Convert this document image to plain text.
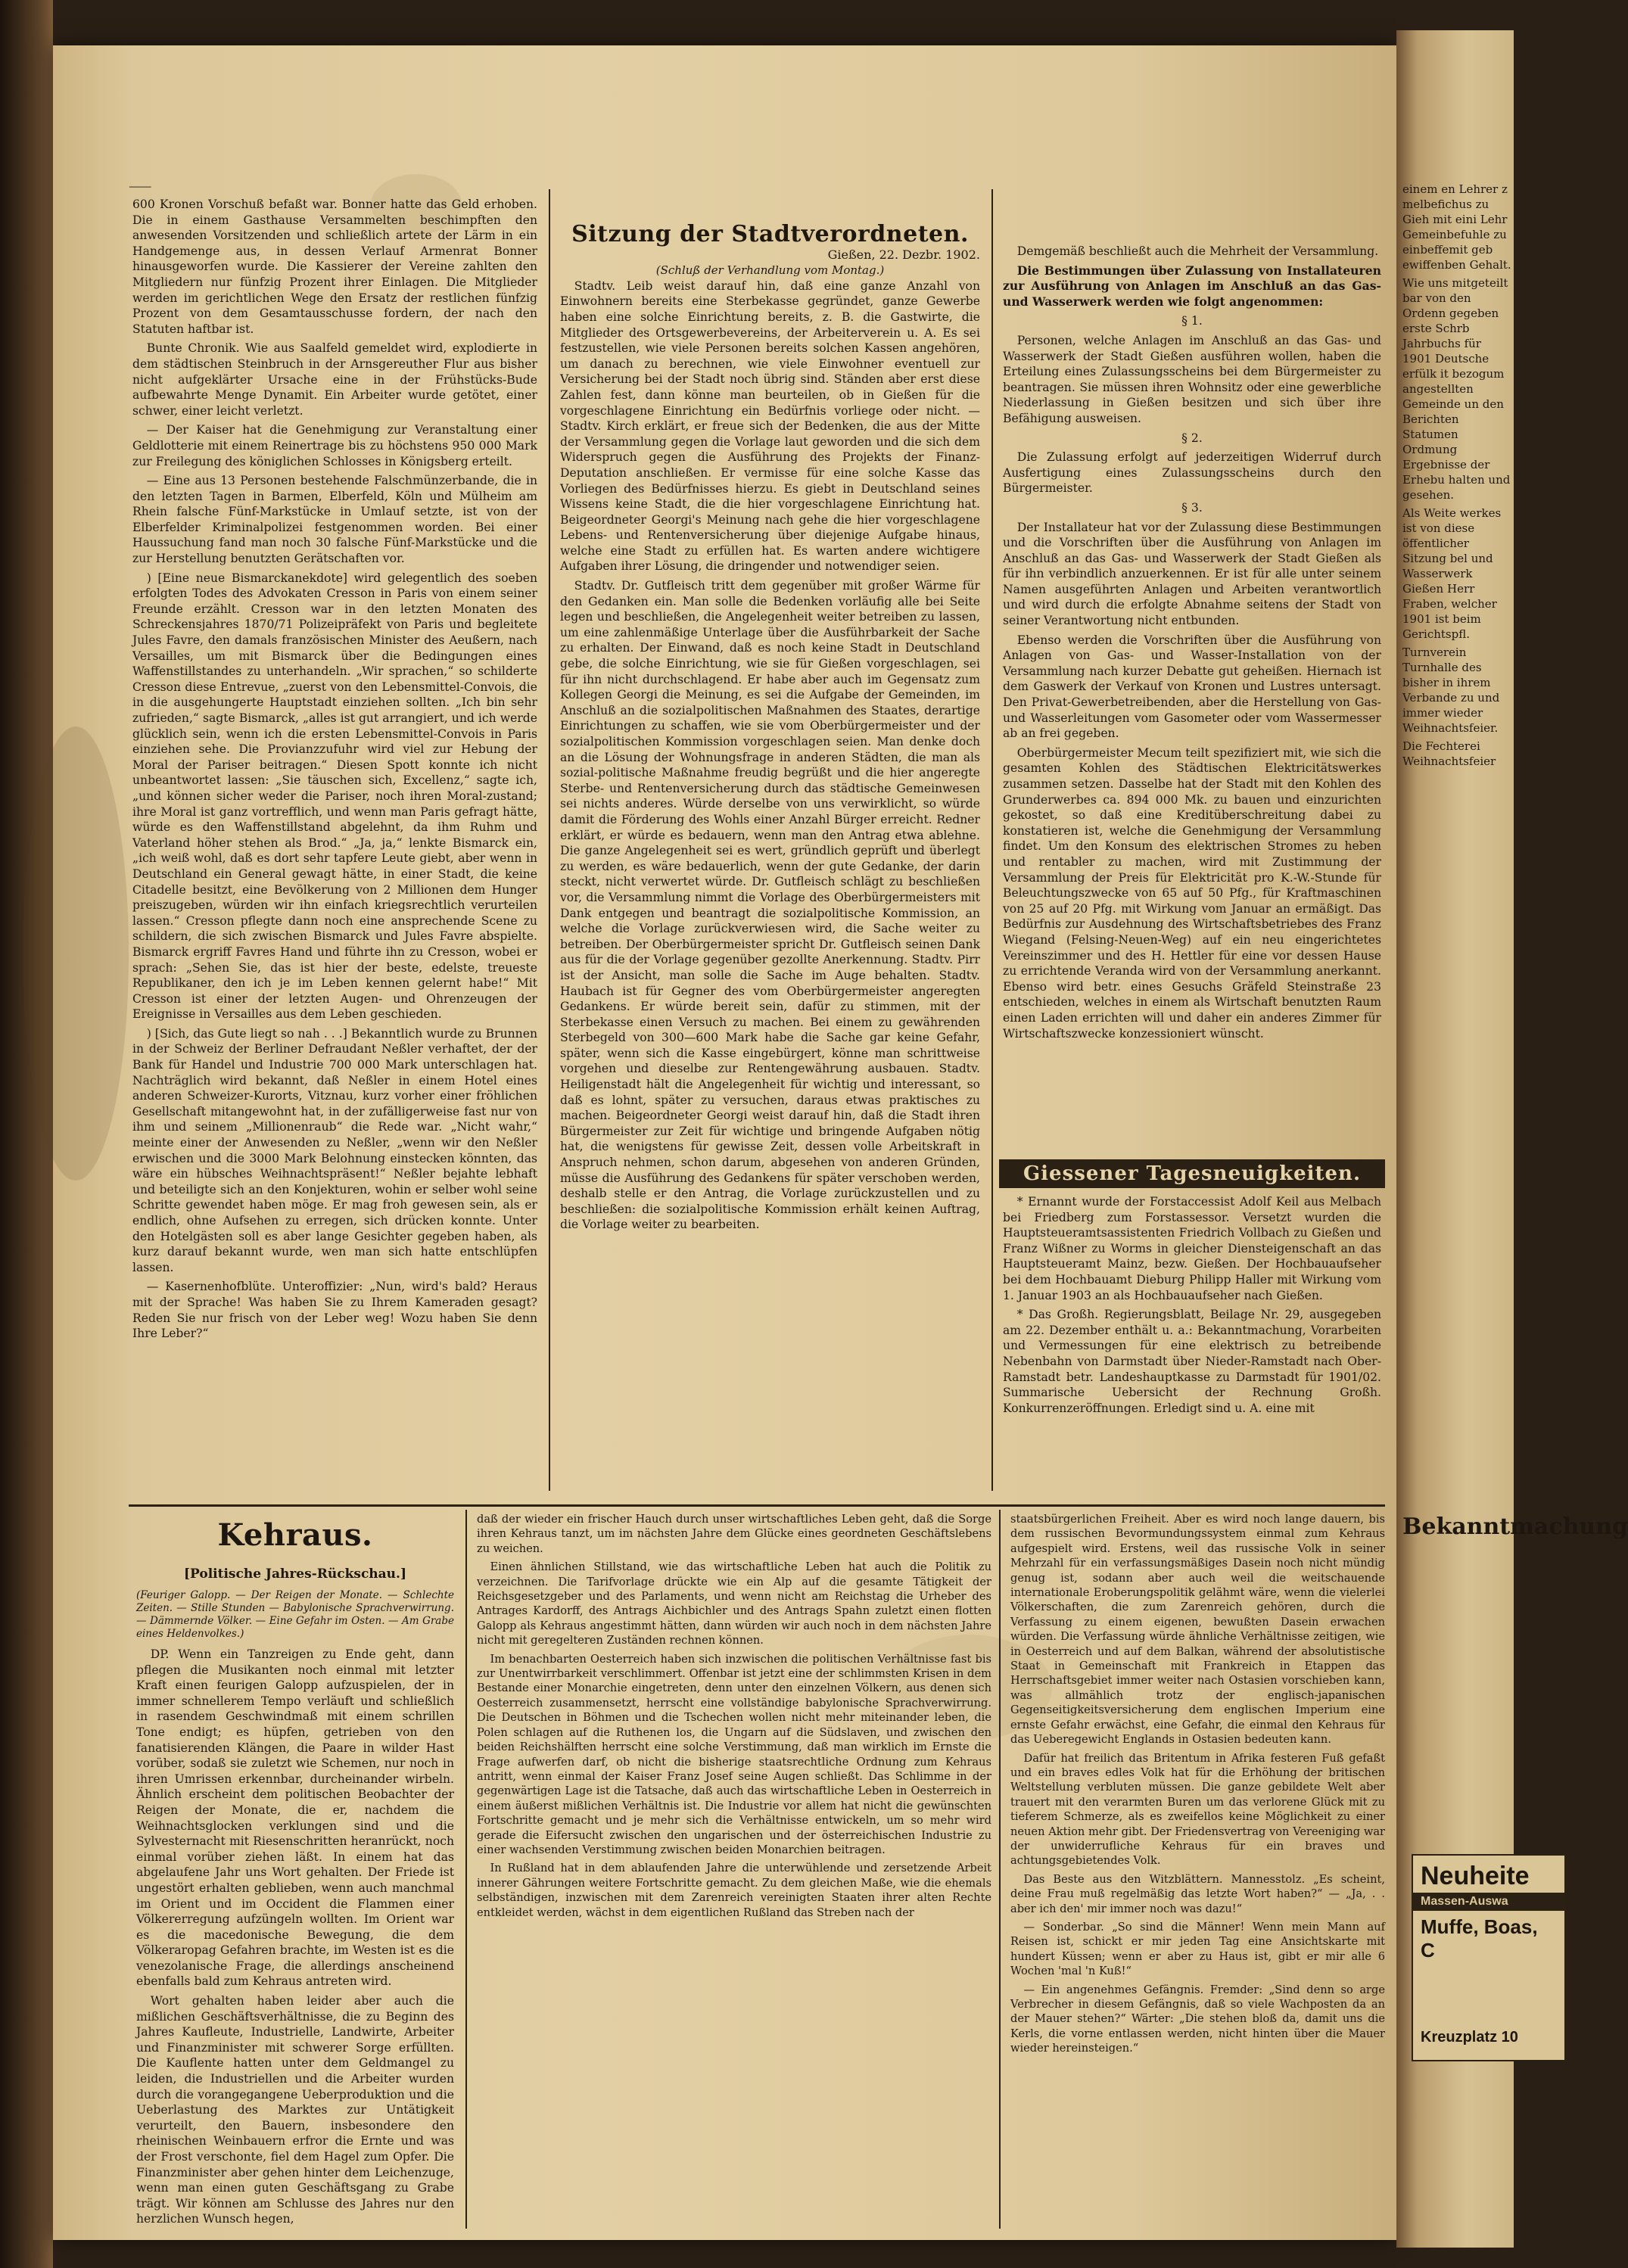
⸺

600 Kronen Vorschuß befaßt war. Bonner hatte das Geld erhoben. Die in einem Gasthause Versammelten beschimpften den anwesenden Vorsitzenden und schließlich artete der Lärm in ein Handgemenge aus, in dessen Verlauf Armenrat Bonner hinausgeworfen wurde. Die Kassierer der Vereine zahlten den Mitgliedern nur fünfzig Prozent ihrer Einlagen. Die Mitglieder werden im gerichtlichen Wege den Ersatz der restlichen fünfzig Prozent von dem Gesamtausschusse fordern, der nach den Statuten haftbar ist.

Bunte Chronik. Wie aus Saalfeld gemeldet wird, explodierte in dem städtischen Steinbruch in der Arnsgereuther Flur aus bisher nicht aufgeklärter Ursache eine in der Frühstücks-Bude aufbewahrte Menge Dynamit. Ein Arbeiter wurde getötet, einer schwer, einer leicht verletzt.

— Der Kaiser hat die Genehmigung zur Veranstaltung einer Geldlotterie mit einem Reinertrage bis zu höchstens 950 000 Mark zur Freilegung des königlichen Schlosses in Königsberg erteilt.

— Eine aus 13 Personen bestehende Falschmünzerbande, die in den letzten Tagen in Barmen, Elberfeld, Köln und Mülheim am Rhein falsche Fünf-Markstücke in Umlauf setzte, ist von der Elberfelder Kriminalpolizei festgenommen worden. Bei einer Haussuchung fand man noch 30 falsche Fünf-Markstücke und die zur Herstellung benutzten Gerätschaften vor.

) [Eine neue Bismarckanekdote] wird gelegentlich des soeben erfolgten Todes des Advokaten Cresson in Paris von einem seiner Freunde erzählt. Cresson war in den letzten Monaten des Schreckensjahres 1870/71 Polizeipräfekt von Paris und begleitete Jules Favre, den damals französischen Minister des Aeußern, nach Versailles, um mit Bismarck über die Bedingungen eines Waffenstillstandes zu unterhandeln. „Wir sprachen,“ so schilderte Cresson diese Entrevue, „zuerst von den Lebensmittel-Convois, die in die ausgehungerte Hauptstadt einziehen sollten. „Ich bin sehr zufrieden,“ sagte Bismarck, „alles ist gut arrangiert, und ich werde glücklich sein, wenn ich die ersten Lebensmittel-Convois in Paris einziehen sehe. Die Provianzzufuhr wird viel zur Hebung der Moral der Pariser beitragen.“ Diesen Spott konnte ich nicht unbeantwortet lassen: „Sie täuschen sich, Excellenz,“ sagte ich, „und können sicher weder die Pariser, noch ihren Moral-zustand; ihre Moral ist ganz vortrefflich, und wenn man Paris gefragt hätte, würde es den Waffenstillstand abgelehnt, da ihm Ruhm und Vaterland höher stehen als Brod.“ „Ja, ja,“ lenkte Bismarck ein, „ich weiß wohl, daß es dort sehr tapfere Leute giebt, aber wenn in Deutschland ein General gewagt hätte, in einer Stadt, die keine Citadelle besitzt, eine Bevölkerung von 2 Millionen dem Hunger preiszugeben, würden wir ihn einfach kriegsrechtlich verurteilen lassen.“ Cresson pflegte dann noch eine ansprechende Scene zu schildern, die sich zwischen Bismarck und Jules Favre abspielte. Bismarck ergriff Favres Hand und führte ihn zu Cresson, wobei er sprach: „Sehen Sie, das ist hier der beste, edelste, treueste Republikaner, den ich je im Leben kennen gelernt habe!“ Mit Cresson ist einer der letzten Augen- und Ohrenzeugen der Ereignisse in Versailles aus dem Leben geschieden.

) [Sich, das Gute liegt so nah . . .] Bekanntlich wurde zu Brunnen in der Schweiz der Berliner Defraudant Neßler verhaftet, der der Bank für Handel und Industrie 700 000 Mark unterschlagen hat. Nachträglich wird bekannt, daß Neßler in einem Hotel eines anderen Schweizer-Kurorts, Vitznau, kurz vorher einer fröhlichen Gesellschaft mitangewohnt hat, in der zufälligerweise fast nur von ihm und seinem „Millionenraub“ die Rede war. „Nicht wahr,“ meinte einer der Anwesenden zu Neßler, „wenn wir den Neßler erwischen und die 3000 Mark Belohnung einstecken könnten, das wäre ein hübsches Weihnachtspräsent!“ Neßler bejahte lebhaft und beteiligte sich an den Konjekturen, wohin er selber wohl seine Schritte gewendet haben möge. Er mag froh gewesen sein, als er endlich, ohne Aufsehen zu erregen, sich drücken konnte. Unter den Hotelgästen soll es aber lange Gesichter gegeben haben, als kurz darauf bekannt wurde, wen man sich hatte entschlüpfen lassen.

— Kasernenhofblüte. Unteroffizier: „Nun, wird's bald? Heraus mit der Sprache! Was haben Sie zu Ihrem Kameraden gesagt? Reden Sie nur frisch von der Leber weg! Wozu haben Sie denn Ihre Leber?“

Sitzung der Stadtverordneten.
Gießen, 22. Dezbr. 1902.
(Schluß der Verhandlung vom Montag.)

Stadtv. Leib weist darauf hin, daß eine ganze Anzahl von Einwohnern bereits eine Sterbekasse gegründet, ganze Gewerbe haben eine solche Einrichtung bereits, z. B. die Gastwirte, die Mitglieder des Ortsgewerbevereins, der Arbeiterverein u. A. Es sei festzustellen, wie viele Personen bereits solchen Kassen angehören, um danach zu berechnen, wie viele Einwohner eventuell zur Versicherung bei der Stadt noch übrig sind. Ständen aber erst diese Zahlen fest, dann könne man beurteilen, ob in Gießen für die vorgeschlagene Einrichtung ein Bedürfnis vorliege oder nicht. — Stadtv. Kirch erklärt, er freue sich der Bedenken, die aus der Mitte der Versammlung gegen die Vorlage laut geworden und die sich dem Widerspruch gegen die Ausführung des Projekts der Finanz-Deputation anschließen. Er vermisse für eine solche Kasse das Vorliegen des Bedürfnisses hierzu. Es giebt in Deutschland seines Wissens keine Stadt, die die hier vorgeschlagene Einrichtung hat. Beigeordneter Georgi's Meinung nach gehe die hier vorgeschlagene Lebens- und Rentenversicherung über diejenige Aufgabe hinaus, welche eine Stadt zu erfüllen hat. Es warten andere wichtigere Aufgaben ihrer Lösung, die dringender und notwendiger seien.

Stadtv. Dr. Gutfleisch tritt dem gegenüber mit großer Wärme für den Gedanken ein. Man solle die Bedenken vorläufig alle bei Seite legen und beschließen, die Angelegenheit weiter betreiben zu lassen, um eine zahlenmäßige Unterlage über die Ausführbarkeit der Sache zu erhalten. Der Einwand, daß es noch keine Stadt in Deutschland gebe, die solche Einrichtung, wie sie für Gießen vorgeschlagen, sei für ihn nicht durchschlagend. Er habe aber auch im Gegensatz zum Kollegen Georgi die Meinung, es sei die Aufgabe der Gemeinden, im Anschluß an die sozialpolitischen Maßnahmen des Staates, derartige Einrichtungen zu schaffen, wie sie vom Oberbürgermeister und der sozialpolitischen Kommission vorgeschlagen seien. Man denke doch an die Lösung der Wohnungsfrage in anderen Städten, die man als sozial-politische Maßnahme freudig begrüßt und die hier angeregte Sterbe- und Rentenversicherung durch das städtische Gemeinwesen sei nichts anderes. Würde derselbe von uns verwirklicht, so würde damit die Förderung des Wohls einer Anzahl Bürger erreicht. Redner erklärt, er würde es bedauern, wenn man den Antrag etwa ablehne. Die ganze Angelegenheit sei es wert, gründlich geprüft und überlegt zu werden, es wäre bedauerlich, wenn der gute Gedanke, der darin steckt, nicht verwertet würde. Dr. Gutfleisch schlägt zu beschließen vor, die Versammlung nimmt die Vorlage des Oberbürgermeisters mit Dank entgegen und beantragt die sozialpolitische Kommission, an welche die Vorlage zurückverwiesen wird, die Sache weiter zu betreiben. Der Oberbürgermeister spricht Dr. Gutfleisch seinen Dank aus für die der Vorlage gegenüber gezollte Anerkennung. Stadtv. Pirr ist der Ansicht, man solle die Sache im Auge behalten. Stadtv. Haubach ist für Gegner des vom Oberbürgermeister angeregten Gedankens. Er würde bereit sein, dafür zu stimmen, mit der Sterbekasse einen Versuch zu machen. Bei einem zu gewährenden Sterbegeld von 300—600 Mark habe die Sache gar keine Gefahr, später, wenn sich die Kasse eingebürgert, könne man schrittweise vorgehen und dieselbe zur Rentengewährung ausbauen. Stadtv. Heiligenstadt hält die Angelegenheit für wichtig und interessant, so daß es lohnt, später zu versuchen, daraus etwas praktisches zu machen. Beigeordneter Georgi weist darauf hin, daß die Stadt ihren Bürgermeister zur Zeit für wichtige und bringende Aufgaben nötig hat, die wenigstens für gewisse Zeit, dessen volle Arbeitskraft in Anspruch nehmen, schon darum, abgesehen von anderen Gründen, müsse die Ausführung des Gedankens für später verschoben werden, deshalb stelle er den Antrag, die Vorlage zurückzustellen und zu beschließen: die sozialpolitische Kommission erhält keinen Auftrag, die Vorlage weiter zu bearbeiten.

Demgemäß beschließt auch die Mehrheit der Versammlung.

Die Bestimmungen über Zulassung von Installateuren zur Ausführung von Anlagen im Anschluß an das Gas- und Wasserwerk werden wie folgt angenommen:

§ 1.

Personen, welche Anlagen im Anschluß an das Gas- und Wasserwerk der Stadt Gießen ausführen wollen, haben die Erteilung eines Zulassungsscheins bei dem Bürgermeister zu beantragen. Sie müssen ihren Wohnsitz oder eine gewerbliche Niederlassung in Gießen besitzen und sich über ihre Befähigung ausweisen.

§ 2.

Die Zulassung erfolgt auf jederzeitigen Widerruf durch Ausfertigung eines Zulassungsscheins durch den Bürgermeister.

§ 3.

Der Installateur hat vor der Zulassung diese Bestimmungen und die Vorschriften über die Ausführung von Anlagen im Anschluß an das Gas- und Wasserwerk der Stadt Gießen als für ihn verbindlich anzuerkennen. Er ist für alle unter seinem Namen ausgeführten Anlagen und Arbeiten verantwortlich und wird durch die erfolgte Abnahme seitens der Stadt von seiner Verantwortung nicht entbunden.

Ebenso werden die Vorschriften über die Ausführung von Anlagen von Gas- und Wasser-Installation von der Versammlung nach kurzer Debatte gut geheißen. Hiernach ist dem Gaswerk der Verkauf von Kronen und Lustres untersagt. Den Privat-Gewerbetreibenden, aber die Herstellung von Gas- und Wasserleitungen vom Gasometer oder vom Wassermesser ab an frei gegeben.

Oberbürgermeister Mecum teilt spezifiziert mit, wie sich die gesamten Kohlen des Städtischen Elektricitätswerkes zusammen setzen. Dasselbe hat der Stadt mit den Kohlen des Grunderwerbes ca. 894 000 Mk. zu bauen und einzurichten gekostet, so daß eine Kreditüberschreitung dabei zu konstatieren ist, welche die Genehmigung der Versammlung findet. Um den Konsum des elektrischen Stromes zu heben und rentabler zu machen, wird mit Zustimmung der Versammlung der Preis für Elektricität pro K.-W.-Stunde für Beleuchtungszwecke von 65 auf 50 Pfg., für Kraftmaschinen von 25 auf 20 Pfg. mit Wirkung vom Januar an ermäßigt. Das Bedürfnis zur Ausdehnung des Wirtschaftsbetriebes des Franz Wiegand (Felsing-Neuen-Weg) auf ein neu eingerichtetes Vereinszimmer und des H. Hettler für eine vor dessen Hause zu errichtende Veranda wird von der Versammlung anerkannt. Ebenso wird betr. eines Gesuchs Gräfeld Steinstraße 23 entschieden, welches in einem als Wirtschaft benutzten Raum einen Laden errichten will und daher ein anderes Zimmer für Wirtschaftszwecke konzessioniert wünscht.

Giessener Tagesneuigkeiten.

* Ernannt wurde der Forstaccessist Adolf Keil aus Melbach bei Friedberg zum Forstassessor. Versetzt wurden die Hauptsteueramtsassistenten Friedrich Vollbach zu Gießen und Franz Wißner zu Worms in gleicher Diensteigenschaft an das Hauptsteueramt Mainz, bezw. Gießen. Der Hochbauaufseher bei dem Hochbauamt Dieburg Philipp Haller mit Wirkung vom 1. Januar 1903 an als Hochbauaufseher nach Gießen.

* Das Großh. Regierungsblatt, Beilage Nr. 29, ausgegeben am 22. Dezember enthält u. a.: Bekanntmachung, Vorarbeiten und Vermessungen für eine elektrisch zu betreibende Nebenbahn von Darmstadt über Nieder-Ramstadt nach Ober-Ramstadt betr. Landeshauptkasse zu Darmstadt für 1901/02. Summarische Uebersicht der Rechnung Großh. Konkurrenzeröffnungen. Erledigt sind u. A. eine mit

Kehraus.
[Politische Jahres-Rückschau.]
(Feuriger Galopp. — Der Reigen der Monate. — Schlechte Zeiten. — Stille Stunden — Babylonische Sprachverwirrung. — Dämmernde Völker. — Eine Gefahr im Osten. — Am Grabe eines Heldenvolkes.)

DP. Wenn ein Tanzreigen zu Ende geht, dann pflegen die Musikanten noch einmal mit letzter Kraft einen feurigen Galopp aufzuspielen, der in immer schnellerem Tempo verläuft und schließlich in rasendem Geschwindmaß mit einem schrillen Tone endigt; es hüpfen, getrieben von den fanatisierenden Klängen, die Paare in wilder Hast vorüber, sodaß sie zuletzt wie Schemen, nur noch in ihren Umrissen erkennbar, durcheinander wirbeln. Ähnlich erscheint dem politischen Beobachter der Reigen der Monate, die er, nachdem die Weihnachtsglocken verklungen sind und die Sylvesternacht mit Riesenschritten heranrückt, noch einmal vorüber ziehen läßt. In einem hat das abgelaufene Jahr uns Wort gehalten. Der Friede ist ungestört erhalten geblieben, wenn auch manchmal im Orient und im Occident die Flammen einer Völkererregung aufzüngeln wollten. Im Orient war es die macedonische Bewegung, die dem Völkeraropag Gefahren brachte, im Westen ist es die venezolanische Frage, die allerdings anscheinend ebenfalls bald zum Kehraus antreten wird.

Wort gehalten haben leider aber auch die mißlichen Geschäftsverhältnisse, die zu Beginn des Jahres Kaufleute, Industrielle, Landwirte, Arbeiter und Finanzminister mit schwerer Sorge erfüllten. Die Kauflente hatten unter dem Geldmangel zu leiden, die Industriellen und die Arbeiter wurden durch die vorangegangene Ueberproduktion und die Ueberlastung des Marktes zur Untätigkeit verurteilt, den Bauern, insbesondere den rheinischen Weinbauern erfror die Ernte und was der Frost verschonte, fiel dem Hagel zum Opfer. Die Finanzminister aber gehen hinter dem Leichenzuge, wenn man einen guten Geschäftsgang zu Grabe trägt. Wir können am Schlusse des Jahres nur den herzlichen Wunsch hegen,

daß der wieder ein frischer Hauch durch unser wirtschaftliches Leben geht, daß die Sorge ihren Kehraus tanzt, um im nächsten Jahre dem Glücke eines geordneten Geschäftslebens zu weichen.

Einen ähnlichen Stillstand, wie das wirtschaftliche Leben hat auch die Politik zu verzeichnen. Die Tarifvorlage drückte wie ein Alp auf die gesamte Tätigkeit der Reichsgesetzgeber und des Parlaments, und wenn nicht am Reichstag die Urheber des Antrages Kardorff, des Antrags Aichbichler und des Antrags Spahn zuletzt einen flotten Galopp als Kehraus angestimmt hätten, dann würden wir auch noch in dem nächsten Jahre nicht mit geregelteren Zuständen rechnen können.

Im benachbarten Oesterreich haben sich inzwischen die politischen Verhältnisse fast bis zur Unentwirrbarkeit verschlimmert. Offenbar ist jetzt eine der schlimmsten Krisen in dem Bestande einer Monarchie eingetreten, denn unter den einzelnen Völkern, aus denen sich Oesterreich zusammensetzt, herrscht eine vollständige babylonische Sprachverwirrung. Die Deutschen in Böhmen und die Tschechen wollen nicht mehr miteinander leben, die Polen schlagen auf die Ruthenen los, die Ungarn auf die Südslaven, und zwischen den beiden Reichshälften herrscht eine solche Verstimmung, daß man wirklich im Ernste die Frage aufwerfen darf, ob nicht die bisherige staatsrechtliche Ordnung zum Kehraus antritt, wenn einmal der Kaiser Franz Josef seine Augen schließt. Das Schlimme in der gegenwärtigen Lage ist die Tatsache, daß auch das wirtschaftliche Leben in Oesterreich in einem äußerst mißlichen Verhältnis ist. Die Industrie vor allem hat nicht die gewünschten Fortschritte gemacht und je mehr sich die Verhältnisse entwickeln, um so mehr wird gerade die Eifersucht zwischen den ungarischen und der österreichischen Industrie zu einer wachsenden Verstimmung zwischen beiden Monarchien beitragen.

In Rußland hat in dem ablaufenden Jahre die unterwühlende und zersetzende Arbeit innerer Gährungen weitere Fortschritte gemacht. Zu dem gleichen Maße, wie die ehemals selbständigen, inzwischen mit dem Zarenreich vereinigten Staaten ihrer alten Rechte entkleidet werden, wächst in dem eigentlichen Rußland das Streben nach der

staatsbürgerlichen Freiheit. Aber es wird noch lange dauern, bis dem russischen Bevormundungssystem einmal zum Kehraus aufgespielt wird. Erstens, weil das russische Volk in seiner Mehrzahl für ein verfassungsmäßiges Dasein noch nicht mündig genug ist, sodann aber auch weil die weitschauende internationale Eroberungspolitik gelähmt wäre, wenn die vielerlei Völkerschaften, die zum Zarenreich gehören, durch die Verfassung zu einem eigenen, bewußten Dasein erwachen würden. Die Verfassung würde ähnliche Verhältnisse zeitigen, wie in Oesterreich und auf dem Balkan, während der absolutistische Staat in Gemeinschaft mit Frankreich in Etappen das Herrschaftsgebiet immer weiter nach Ostasien vorschieben kann, was allmählich trotz der englisch-japanischen Gegenseitigkeitsversicherung dem englischen Imperium eine ernste Gefahr erwächst, eine Gefahr, die einmal den Kehraus für das Ueberegewicht Englands in Ostasien bedeuten kann.

Dafür hat freilich das Britentum in Afrika festeren Fuß gefaßt und ein braves edles Volk hat für die Erhöhung der britischen Weltstellung verbluten müssen. Die ganze gebildete Welt aber trauert mit den verarmten Buren um das verlorene Glück mit zu tieferem Schmerze, als es zweifellos keine Möglichkeit zu einer neuen Aktion mehr gibt. Der Friedensvertrag von Vereeniging war der unwiderrufliche Kehraus für ein braves und achtungsgebietendes Volk.

Das Beste aus den Witzblättern. Mannesstolz. „Es scheint, deine Frau muß regelmäßig das letzte Wort haben?“ — „Ja, . . aber ich den' mir immer noch was dazu!“

— Sonderbar. „So sind die Männer! Wenn mein Mann auf Reisen ist, schickt er mir jeden Tag eine Ansichtskarte mit hundert Küssen; wenn er aber zu Haus ist, gibt er mir alle 6 Wochen 'mal 'n Kuß!“

— Ein angenehmes Gefängnis. Fremder: „Sind denn so arge Verbrecher in diesem Gefängnis, daß so viele Wachposten da an der Mauer stehen?“ Wärter: „Die stehen bloß da, damit uns die Kerls, die vorne entlassen werden, nicht hinten über die Mauer wieder hereinsteigen.“

einem en Lehrer z melbefichus zu Gieh mit eini Lehr Gemeinbefuhle zu einbeffemit geb ewiffenben Gehalt.

Wie uns mitgeteilt bar von den Ordenn gegeben erste Schrb Jahrbuchs für 1901 Deutsche erfülk it bezogum angestellten Gemeinde un den Berichten Statumen Ordmung Ergebnisse der Erhebu halten und gesehen.

Als Weite werkes ist von diese öffentlicher Sitzung bel und Wasserwerk Gießen Herr Fraben, welcher 1901 ist beim Gerichtspfl.

Turnverein Turnhalle des bisher in ihrem Verbande zu und immer wieder Weihnachtsfeier.

Die Fechterei Weihnachtsfeier

Bekanntmachung
Neuheite
Massen-Auswa
Muffe, Boas, C
Kreuzplatz 10
